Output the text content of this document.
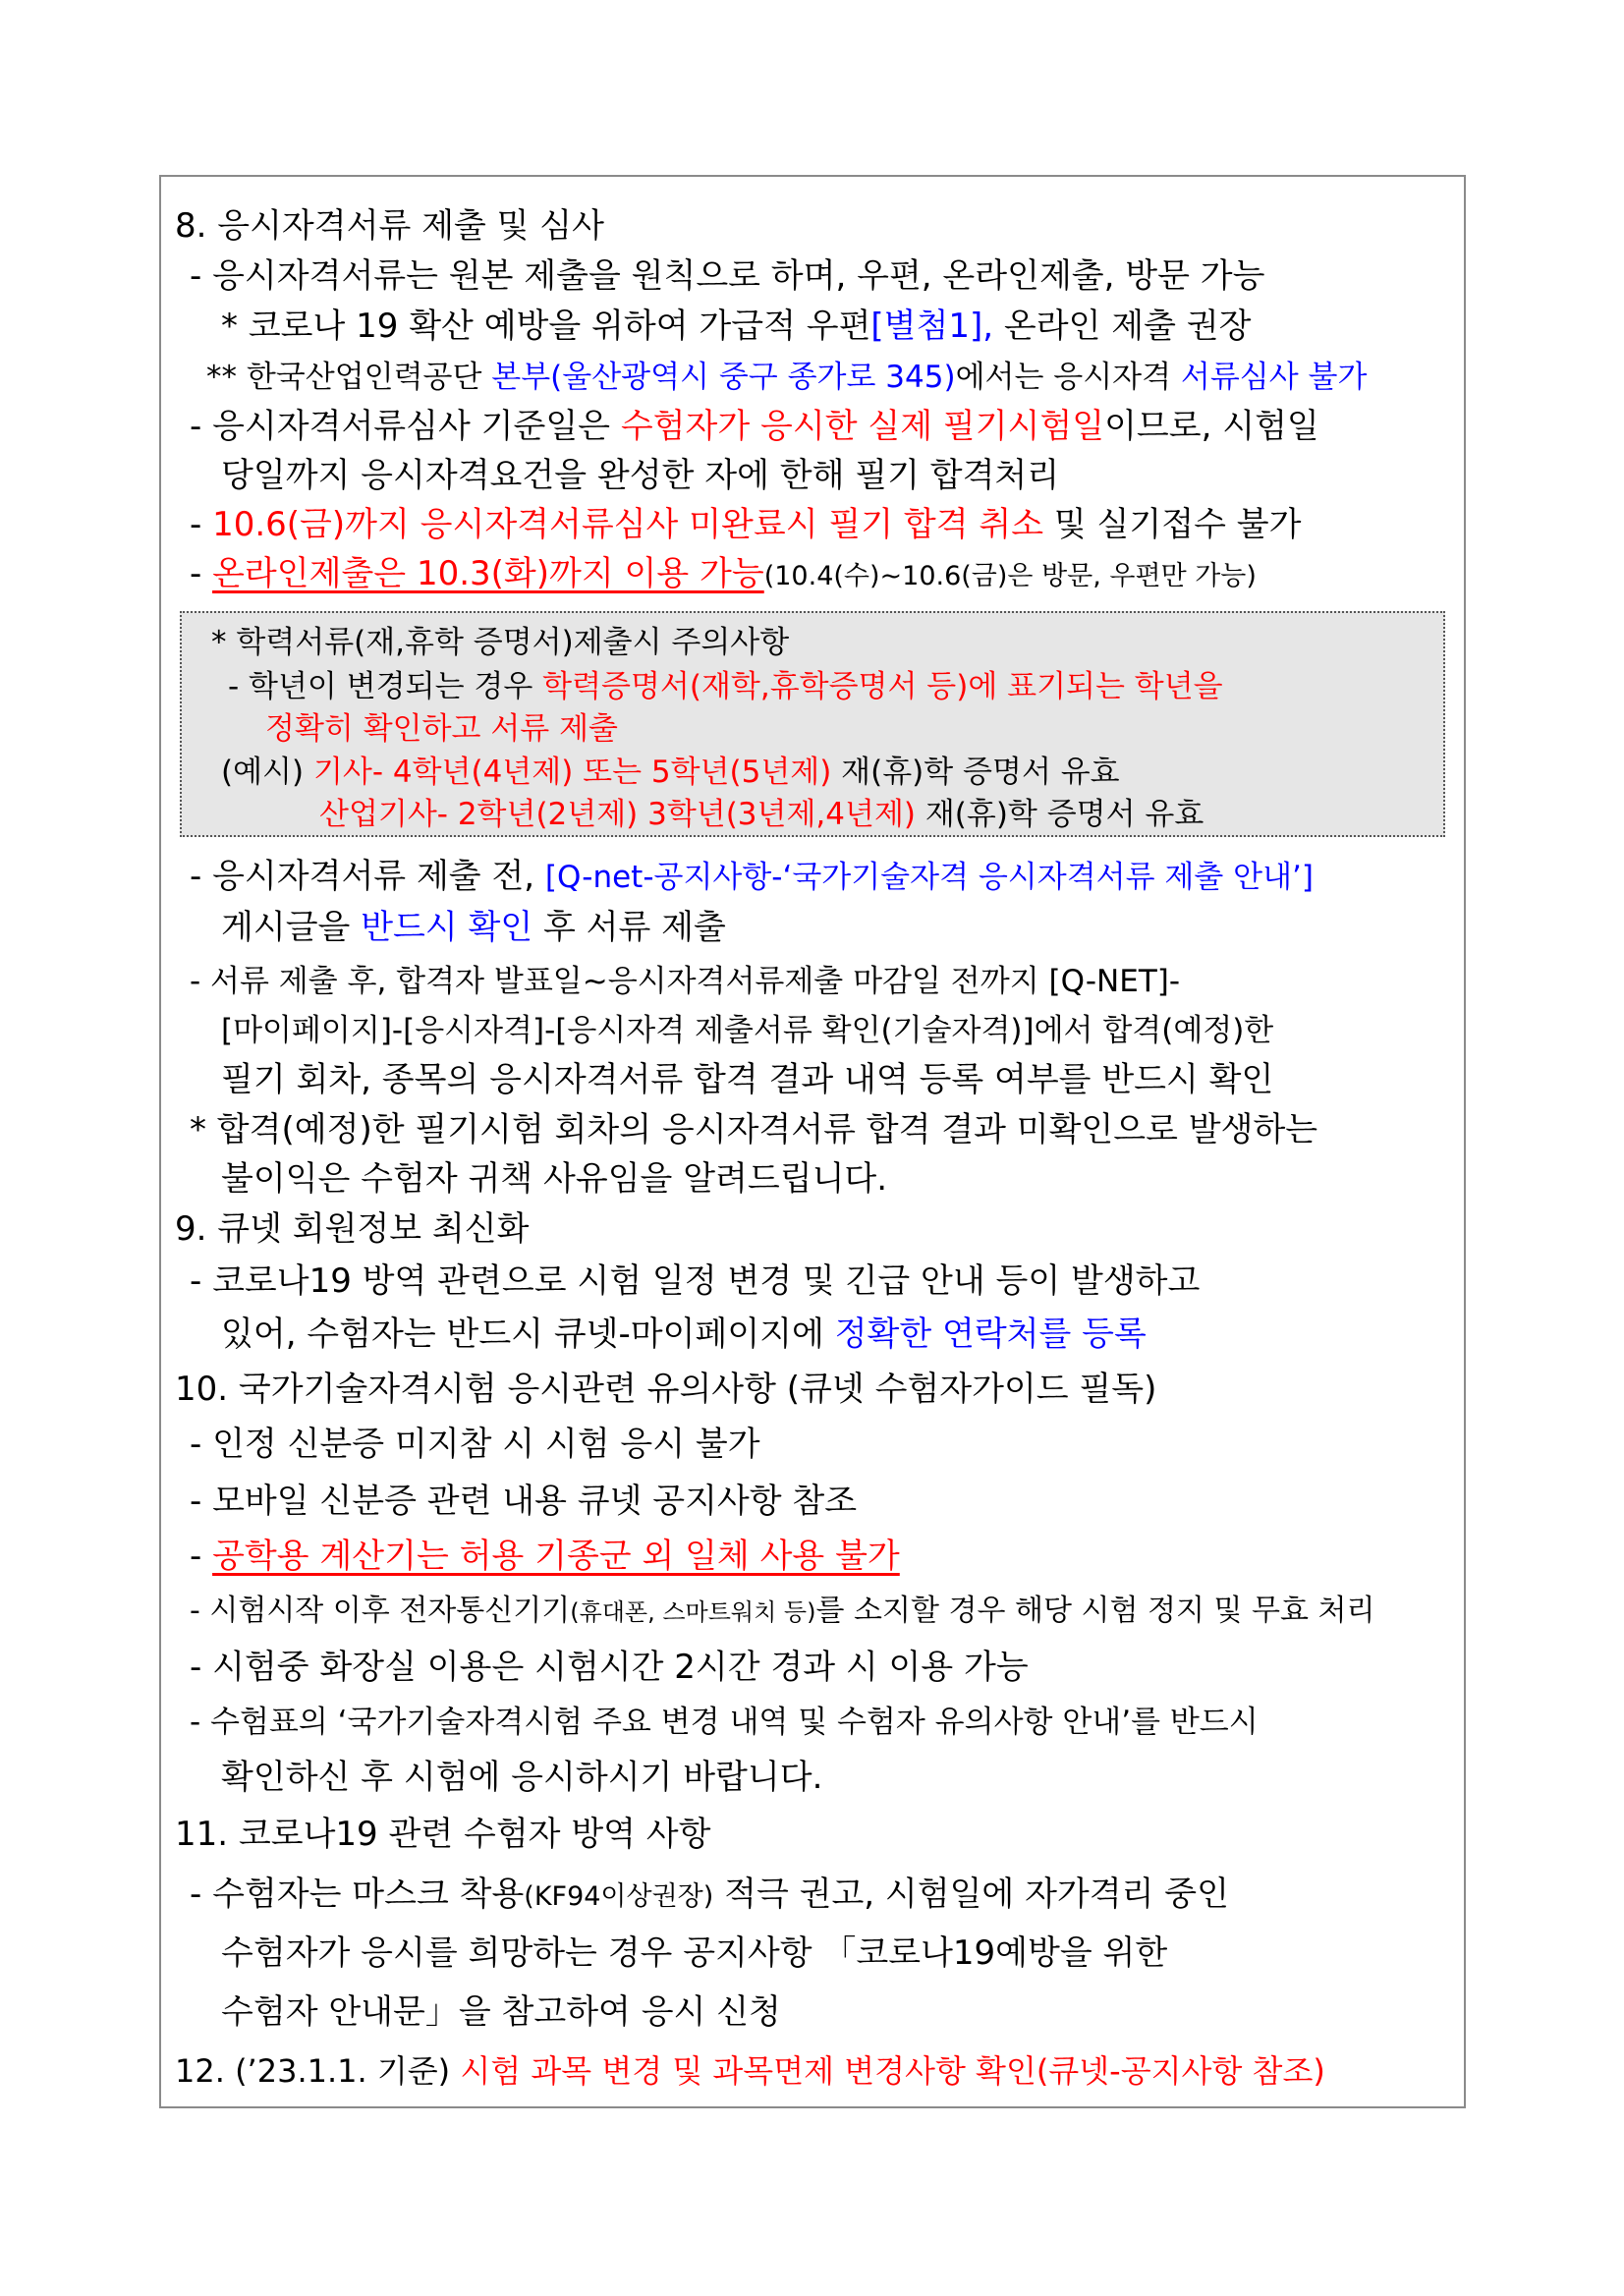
8. 응시자격서류 제출 및 심사
- 응시자격서류는 원본 제출을 원칙으로 하며, 우편, 온라인제출, 방문 가능
* 코로나 19 확산 예방을 위하여 가급적 우편[별첨1], 온라인 제출 권장
** 한국산업인력공단 본부(울산광역시 중구 종가로 345)에서는 응시자격 서류심사 불가
- 응시자격서류심사 기준일은 수험자가 응시한 실제 필기시험일이므로, 시험일
당일까지 응시자격요건을 완성한 자에 한해 필기 합격처리
- 10.6(금)까지 응시자격서류심사 미완료시 필기 합격 취소 및 실기접수 불가
- 온라인제출은 10.3(화)까지 이용 가능(10.4(수)~10.6(금)은 방문, 우편만 가능)
* 학력서류(재,휴학 증명서)제출시 주의사항
- 학년이 변경되는 경우 학력증명서(재학,휴학증명서 등)에 표기되는 학년을
정확히 확인하고 서류 제출
(예시) 기사- 4학년(4년제) 또는 5학년(5년제) 재(휴)학 증명서 유효
산업기사- 2학년(2년제) 3학년(3년제,4년제) 재(휴)학 증명서 유효
- 응시자격서류 제출 전, [Q-net-공지사항-‘국가기술자격 응시자격서류 제출 안내’]
게시글을 반드시 확인 후 서류 제출
- 서류 제출 후, 합격자 발표일~응시자격서류제출 마감일 전까지 [Q-NET]-
[마이페이지]-[응시자격]-[응시자격 제출서류 확인(기술자격)]에서 합격(예정)한
필기 회차, 종목의 응시자격서류 합격 결과 내역 등록 여부를 반드시 확인
* 합격(예정)한 필기시험 회차의 응시자격서류 합격 결과 미확인으로 발생하는
불이익은 수험자 귀책 사유임을 알려드립니다.
9. 큐넷 회원정보 최신화
- 코로나19 방역 관련으로 시험 일정 변경 및 긴급 안내 등이 발생하고
있어, 수험자는 반드시 큐넷-마이페이지에 정확한 연락처를 등록
10. 국가기술자격시험 응시관련 유의사항 (큐넷 수험자가이드 필독)
- 인정 신분증 미지참 시 시험 응시 불가
- 모바일 신분증 관련 내용 큐넷 공지사항 참조
- 공학용 계산기는 허용 기종군 외 일체 사용 불가
- 시험시작 이후 전자통신기기(휴대폰, 스마트워치 등)를 소지할 경우 해당 시험 정지 및 무효 처리
- 시험중 화장실 이용은 시험시간 2시간 경과 시 이용 가능
- 수험표의 ‘국가기술자격시험 주요 변경 내역 및 수험자 유의사항 안내’를 반드시
확인하신 후 시험에 응시하시기 바랍니다.
11. 코로나19 관련 수험자 방역 사항
- 수험자는 마스크 착용(KF94이상권장) 적극 권고, 시험일에 자가격리 중인
수험자가 응시를 희망하는 경우 공지사항 「코로나19예방을 위한
수험자 안내문」을 참고하여 응시 신청
12. (’23.1.1. 기준) 시험 과목 변경 및 과목면제 변경사항 확인(큐넷-공지사항 참조)
